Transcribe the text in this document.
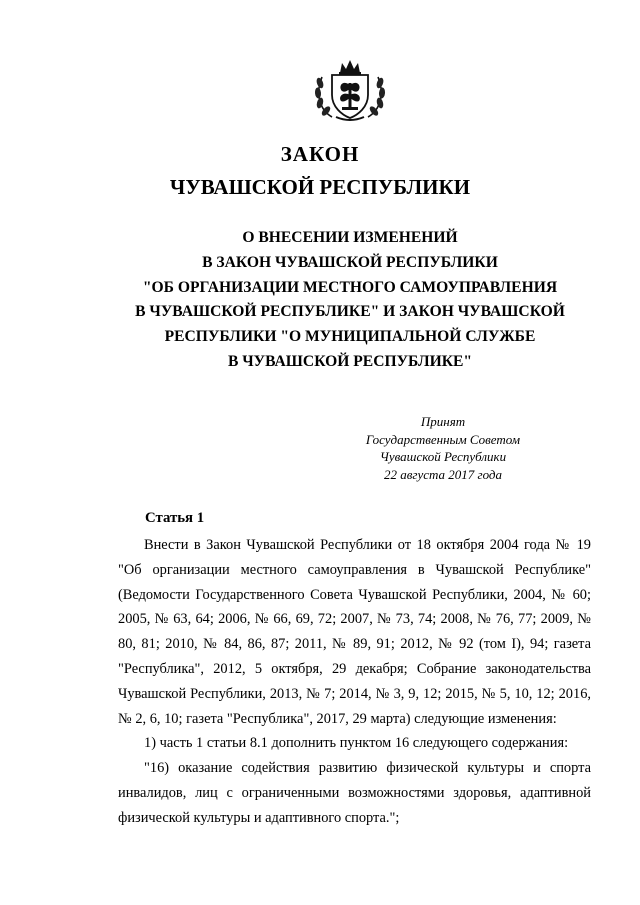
ЗАКОН
ЧУВАШСКОЙ РЕСПУБЛИКИ
О ВНЕСЕНИИ ИЗМЕНЕНИЙ
В ЗАКОН ЧУВАШСКОЙ РЕСПУБЛИКИ
"ОБ ОРГАНИЗАЦИИ МЕСТНОГО САМОУПРАВЛЕНИЯ
В ЧУВАШСКОЙ РЕСПУБЛИКЕ" И ЗАКОН ЧУВАШСКОЙ
РЕСПУБЛИКИ "О МУНИЦИПАЛЬНОЙ СЛУЖБЕ
В ЧУВАШСКОЙ РЕСПУБЛИКЕ"
Принят
Государственным Советом
Чувашской Республики
22 августа 2017 года
Статья 1

Внести в Закон Чувашской Республики от 18 октября 2004 года № 19 "Об организации местного самоуправления в Чувашской Республике" (Ведомости Государственного Совета Чувашской Республики, 2004, № 60; 2005, № 63, 64; 2006, № 66, 69, 72; 2007, № 73, 74; 2008, № 76, 77; 2009, № 80, 81; 2010, № 84, 86, 87; 2011, № 89, 91; 2012, № 92 (том I), 94; газета "Республика", 2012, 5 октября, 29 декабря; Собрание законодательства Чувашской Республики, 2013, № 7; 2014, № 3, 9, 12; 2015, № 5, 10, 12; 2016, № 2, 6, 10; газета "Республика", 2017, 29 марта) следующие изменения:

1) часть 1 статьи 8.1 дополнить пунктом 16 следующего содержания:

"16) оказание содействия развитию физической культуры и спорта инвалидов, лиц с ограниченными возможностями здоровья, адаптивной физической культуры и адаптивного спорта.";
